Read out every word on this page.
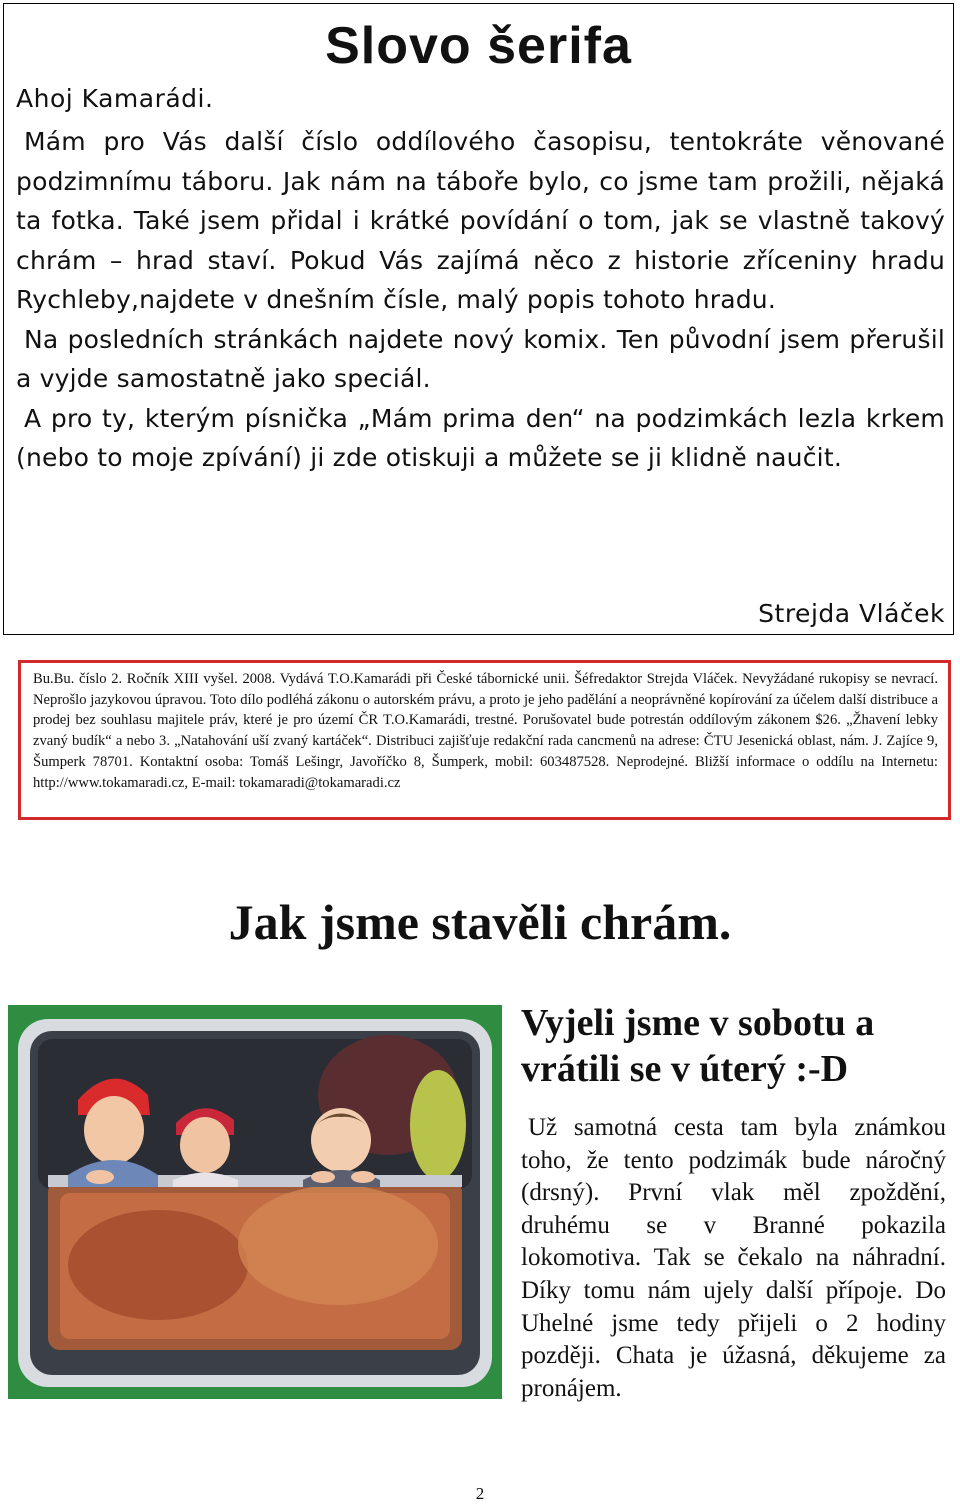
Slovo šerifa

Ahoj Kamarádi.

Mám pro Vás další číslo oddílového časopisu, tentokráte věnované podzimnímu táboru. Jak nám na táboře bylo, co jsme tam prožili, nějaká ta fotka. Také jsem přidal i krátké povídání o tom, jak se vlastně takový chrám – hrad staví. Pokud Vás zajímá něco z historie zříceniny hradu Rychleby,najdete v dnešním čísle, malý popis tohoto hradu.

Na posledních stránkách najdete nový komix. Ten původní jsem přerušil a vyjde samostatně jako speciál.

A pro ty, kterým písnička „Mám prima den“ na podzimkách lezla krkem (nebo to moje zpívání) ji zde otiskuji a můžete se ji klidně naučit.

Strejda Vláček

Bu.Bu. číslo 2. Ročník XIII vyšel. 2008. Vydává T.O.Kamarádi při České tábornické unii. Šéfredaktor Strejda Vláček. Nevyžádané rukopisy se nevrací. Neprošlo jazykovou úpravou. Toto dílo podléhá zákonu o autorském právu, a proto je jeho padělání a neoprávněné kopírování za účelem další distribuce a prodej bez souhlasu majitele práv, které je pro území ČR T.O.Kamarádi, trestné. Porušovatel bude potrestán oddílovým zákonem $26. „Žhavení lebky zvaný budík“ a nebo 3. „Natahování uší zvaný kartáček“. Distribuci zajišťuje redakční rada cancmenů na adrese: ČTU Jesenická oblast, nám. J. Zajíce 9, Šumperk 78701. Kontaktní osoba: Tomáš Lešingr, Javoříčko 8, Šumperk, mobil: 603487528. Neprodejné. Bližší informace o oddílu na Internetu: http://www.tokamaradi.cz, E-mail: tokamaradi@tokamaradi.cz
Jak jsme stavěli chrám.
Vyjeli jsme v sobotu a vrátili se v úterý :-D

Už samotná cesta tam byla známkou toho, že tento podzimák bude náročný (drsný). První vlak měl zpoždění, druhému se v Branné pokazila lokomotiva. Tak se čekalo na náhradní. Díky tomu nám ujely další přípoje. Do Uhelné jsme tedy přijeli o 2 hodiny později. Chata je úžasná, děkujeme za pronájem.

2
